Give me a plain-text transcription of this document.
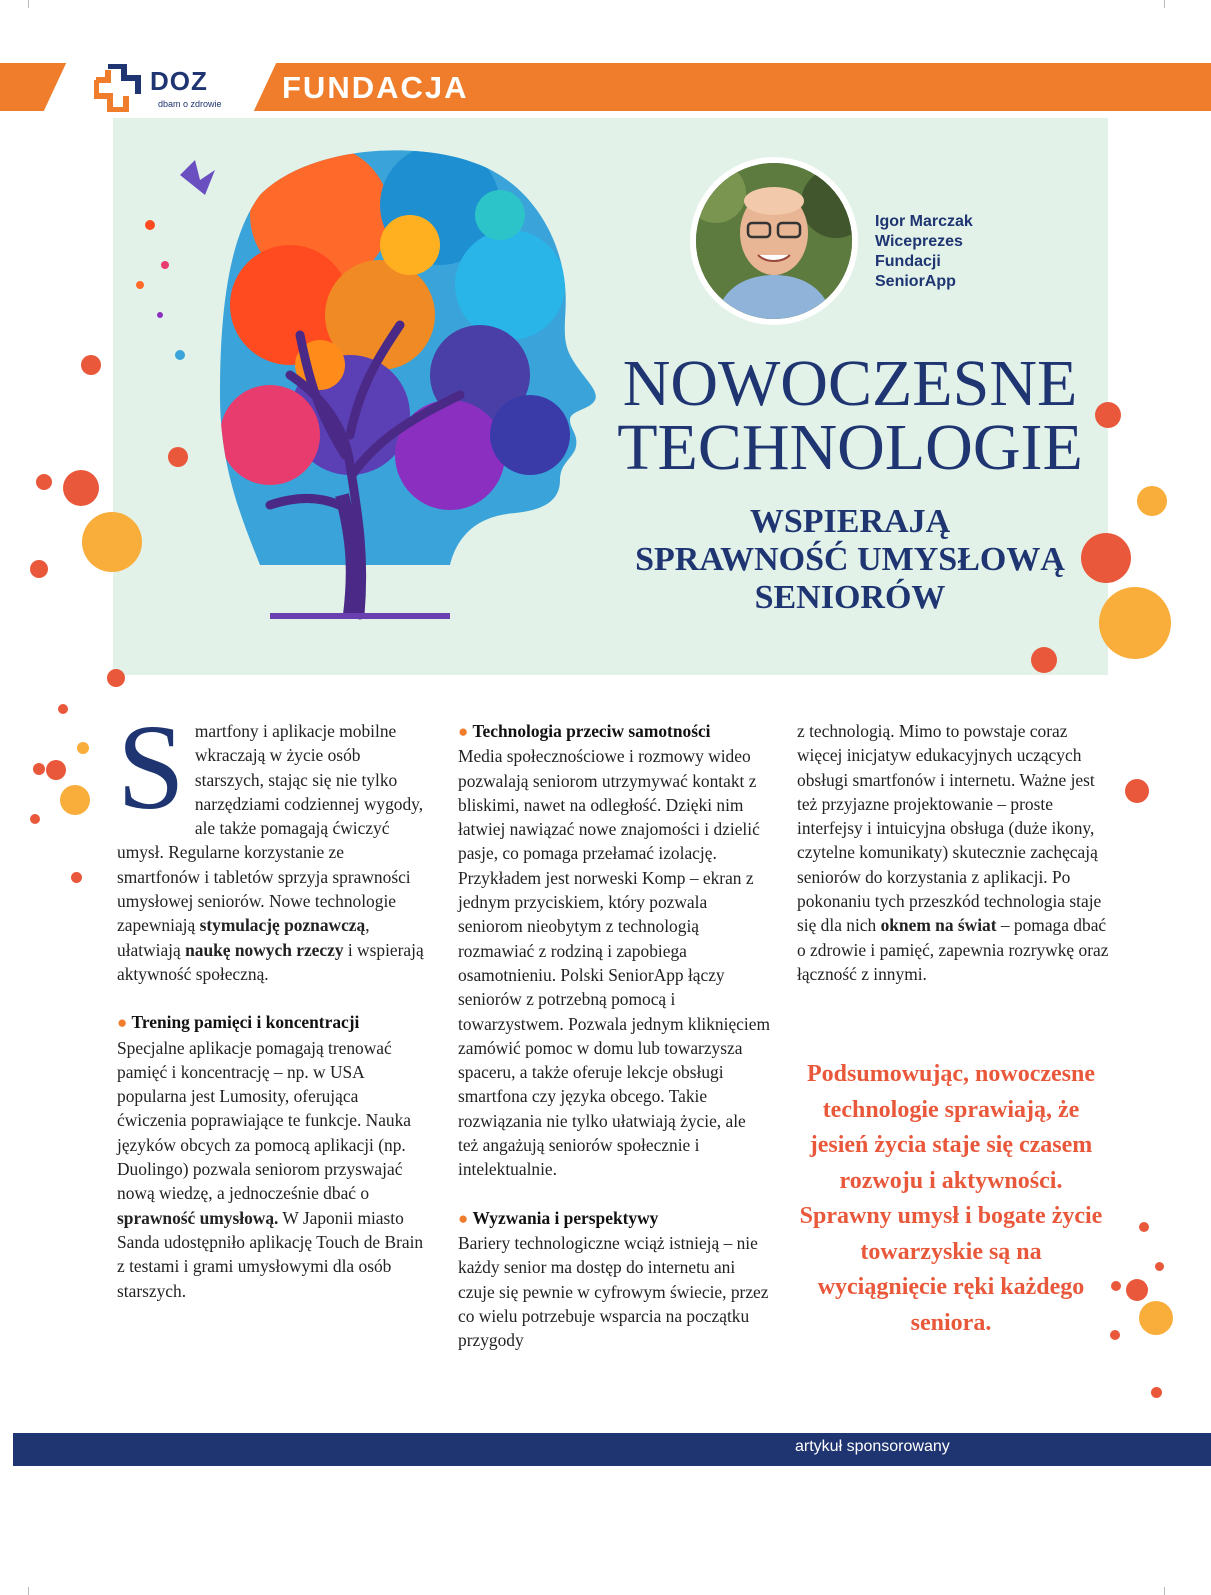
DOZ
dbam o zdrowie FUNDACJA
Igor Marczak
Wiceprezes
Fundacji
SeniorApp
NOWOCZESNE
TECHNOLOGIE
WSPIERAJĄ
SPRAWNOŚĆ UMYSŁOWĄ
SENIORÓW

Smartfony i aplikacje mobilne wkraczają w życie osób starszych, stając się nie tylko narzędziami codziennej wygody, ale także pomagają ćwiczyć umysł. Regularne korzystanie ze smartfonów i tabletów sprzyja sprawności umysłowej seniorów. Nowe technologie zapewniają stymulację poznawczą, ułatwiają naukę nowych rzeczy i wspierają aktywność społeczną.

● Trening pamięci i koncentracji
Specjalne aplikacje pomagają trenować pamięć i koncentrację – np. w USA popularna jest Lumosity, oferująca ćwiczenia poprawiające te funkcje. Nauka języków obcych za pomocą aplikacji (np. Duolingo) pozwala seniorom przyswajać nową wiedzę, a jednocześnie dbać o sprawność umysłową. W Japonii miasto Sanda udostępniło aplikację Touch de Brain z testami i grami umysłowymi dla osób starszych.

● Technologia przeciw samotności
Media społecznościowe i rozmowy wideo pozwalają seniorom utrzymywać kontakt z bliskimi, nawet na odległość. Dzięki nim łatwiej nawiązać nowe znajomości i dzielić pasje, co pomaga przełamać izolację. Przykładem jest norweski Komp – ekran z jednym przyciskiem, który pozwala seniorom nieobytym z technologią rozmawiać z rodziną i zapobiega osamotnieniu. Polski SeniorApp łączy seniorów z potrzebną pomocą i towarzystwem. Pozwala jednym kliknięciem zamówić pomoc w domu lub towarzysza spaceru, a także oferuje lekcje obsługi smartfona czy języka obcego. Takie rozwiązania nie tylko ułatwiają życie, ale też angażują seniorów społecznie i intelektualnie.

● Wyzwania i perspektywy
Bariery technologiczne wciąż istnieją – nie każdy senior ma dostęp do internetu ani czuje się pewnie w cyfrowym świecie, przez co wielu potrzebuje wsparcia na początku przygody

z technologią. Mimo to powstaje coraz więcej inicjatyw edukacyjnych uczących obsługi smartfonów i internetu. Ważne jest też przyjazne projektowanie – proste interfejsy i intuicyjna obsługa (duże ikony, czytelne komunikaty) skutecznie zachęcają seniorów do korzystania z aplikacji. Po pokonaniu tych przeszkód technologia staje się dla nich oknem na świat – pomaga dbać o zdrowie i pamięć, zapewnia rozrywkę oraz łączność z innymi.

Podsumowując, nowoczesne technologie sprawiają, że jesień życia staje się czasem rozwoju i aktywności. Sprawny umysł i bogate życie towarzyskie są na wyciągnięcie ręki każdego seniora.
artykuł sponsorowany
